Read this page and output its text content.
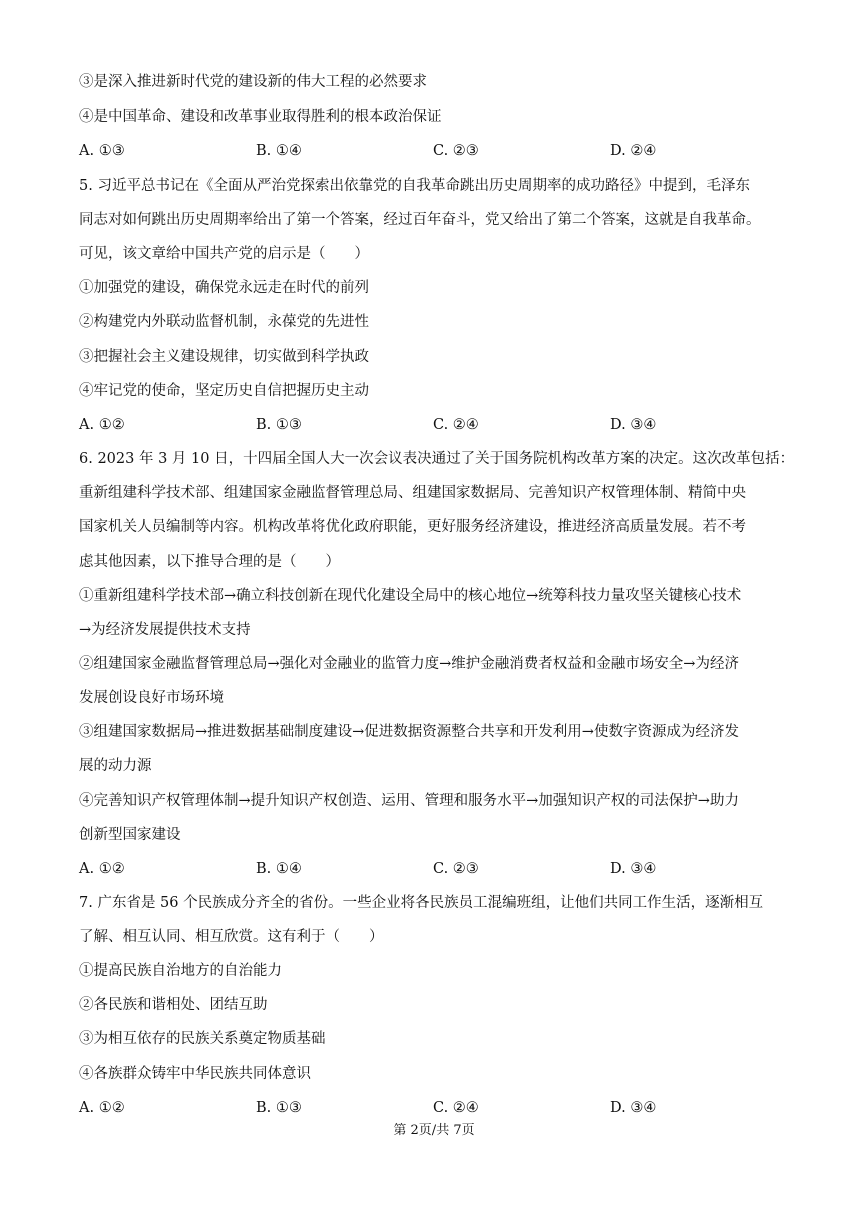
③是深入推进新时代党的建设新的伟大工程的必然要求
④是中国革命、建设和改革事业取得胜利的根本政治保证
A. ①③	B. ①④	C. ②③	D. ②④
5. 习近平总书记在《全面从严治党探索出依靠党的自我革命跳出历史周期率的成功路径》中提到，毛泽东
同志对如何跳出历史周期率给出了第一个答案，经过百年奋斗，党又给出了第二个答案，这就是自我革命。
可见，该文章给中国共产党的启示是（　　）
①加强党的建设，确保党永远走在时代的前列
②构建党内外联动监督机制，永葆党的先进性
③把握社会主义建设规律，切实做到科学执政
④牢记党的使命，坚定历史自信把握历史主动
A. ①②	B. ①③	C. ②④	D. ③④
6. 2023 年 3 月 10 日，十四届全国人大一次会议表决通过了关于国务院机构改革方案的决定。这次改革包括：
重新组建科学技术部、组建国家金融监督管理总局、组建国家数据局、完善知识产权管理体制、精简中央
国家机关人员编制等内容。机构改革将优化政府职能，更好服务经济建设，推进经济高质量发展。若不考
虑其他因素，以下推导合理的是（　　）
①重新组建科学技术部→确立科技创新在现代化建设全局中的核心地位→统筹科技力量攻坚关键核心技术
→为经济发展提供技术支持
②组建国家金融监督管理总局→强化对金融业的监管力度→维护金融消费者权益和金融市场安全→为经济
发展创设良好市场环境
③组建国家数据局→推进数据基础制度建设→促进数据资源整合共享和开发利用→使数字资源成为经济发
展的动力源
④完善知识产权管理体制→提升知识产权创造、运用、管理和服务水平→加强知识产权的司法保护→助力
创新型国家建设
A. ①②	B. ①④	C. ②③	D. ③④
7. 广东省是 56 个民族成分齐全的省份。一些企业将各民族员工混编班组，让他们共同工作生活，逐渐相互
了解、相互认同、相互欣赏。这有利于（　　）
①提高民族自治地方的自治能力
②各民族和谐相处、团结互助
③为相互依存的民族关系奠定物质基础
④各族群众铸牢中华民族共同体意识
A. ①②	B. ①③	C. ②④	D. ③④
第 2页/共 7页
